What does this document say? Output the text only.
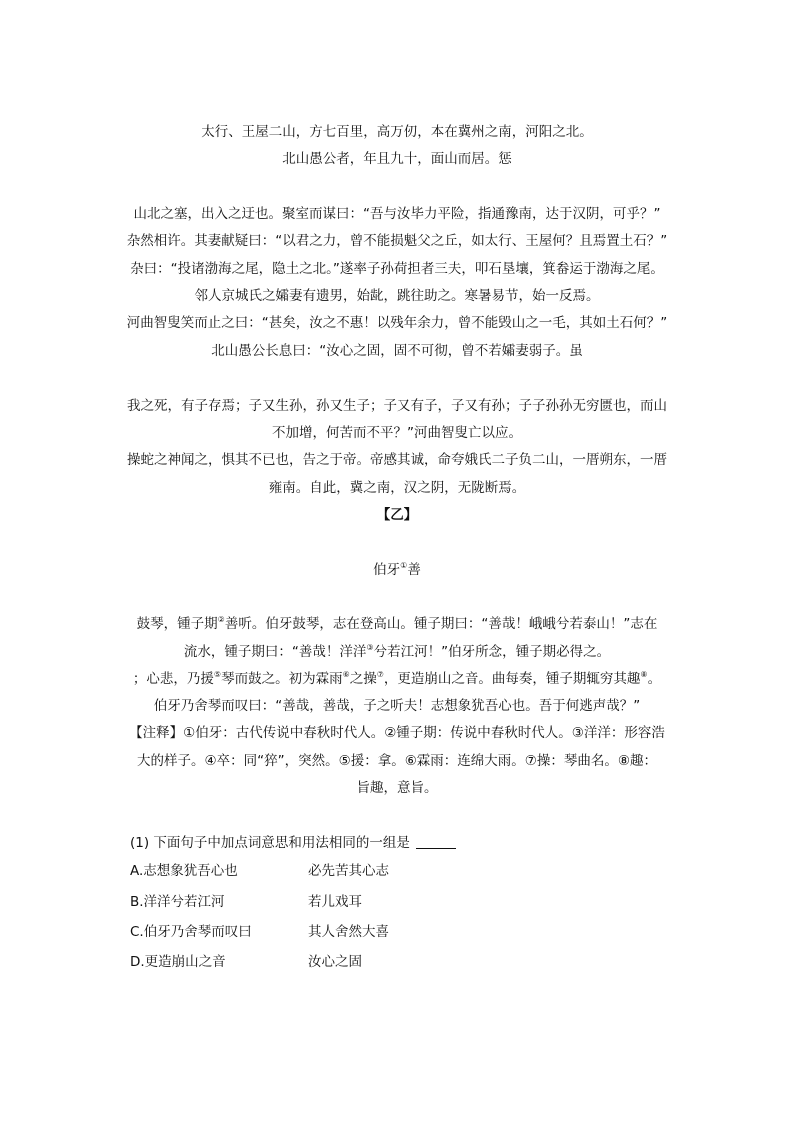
太行、王屋二山，方七百里，高万仞，本在冀州之南，河阳之北。
北山愚公者，年且九十，面山而居。惩
山北之塞，出入之迂也。聚室而谋曰：“吾与汝毕力平险，指通豫南，达于汉阴，可乎？”
杂然相许。其妻献疑曰：“以君之力，曾不能损魁父之丘，如太行、王屋何？且焉置土石？”
杂曰：“投诸渤海之尾，隐土之北。”遂率子孙荷担者三夫，叩石垦壤，箕畚运于渤海之尾。
邻人京城氏之孀妻有遗男，始龀，跳往助之。寒暑易节，始一反焉。
河曲智叟笑而止之曰：“甚矣，汝之不惠！以残年余力，曾不能毁山之一毛，其如土石何？”
北山愚公长息曰：“汝心之固，固不可彻，曾不若孀妻弱子。虽
我之死，有子存焉；子又生孙，孙又生子；子又有子，子又有孙；子子孙孙无穷匮也，而山
不加增，何苦而不平？”河曲智叟亡以应。
操蛇之神闻之，惧其不已也，告之于帝。帝感其诚，命夸娥氏二子负二山，一厝朔东，一厝
雍南。自此，冀之南，汉之阴，无陇断焉。
【乙】
伯牙①善
鼓琴，锺子期②善听。伯牙鼓琴，志在登高山。锺子期曰：“善哉！峨峨兮若泰山！”志在
流水，锺子期曰：“善哉！洋洋③兮若江河！”伯牙所念，锺子期必得之。
；心悲，乃援⑤琴而鼓之。初为霖雨⑥之操⑦，更造崩山之音。曲每奏，锺子期辄穷其趣⑧。
伯牙乃舍琴而叹曰：“善哉，善哉，子之听夫！志想象犹吾心也。吾于何逃声哉？”
【注释】①伯牙：古代传说中春秋时代人。②锺子期：传说中春秋时代人。③洋洋：形容浩
大的样子。④卒：同“猝”，突然。⑤援：拿。⑥霖雨：连绵大雨。⑦操：琴曲名。⑧趣：
旨趣，意旨。
(1) 下面句子中加点词意思和用法相同的一组是
A.志想象犹吾心也	必先苦其心志
B.洋洋兮若江河	若儿戏耳
C.伯牙乃舍琴而叹曰	其人舍然大喜
D.更造崩山之音	汝心之固
